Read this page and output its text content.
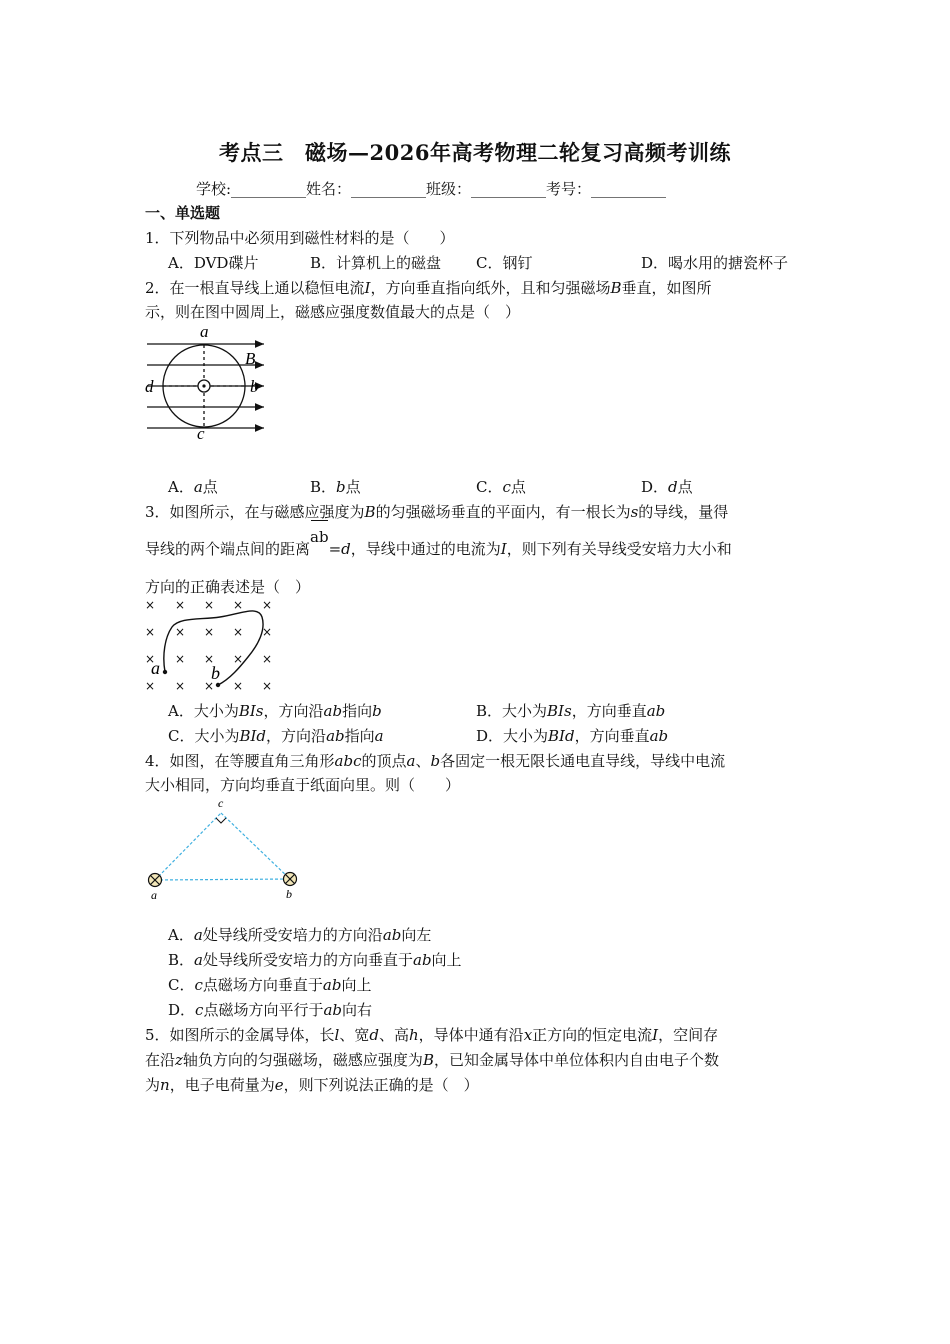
考点三　磁场—2026年高考物理二轮复习高频考训练
学校:__________姓名：__________班级：__________考号：__________
一、单选题
1．下列物品中必须用到磁性材料的是（　　）
A．DVD碟片	B．计算机上的磁盘 C．钢钉	D．喝水用的搪瓷杯子
2．在一根直导线上通以稳恒电流I，方向垂直指向纸外，且和匀强磁场B垂直，如图所
示，则在图中圆周上，磁感应强度数值最大的点是（　）
a
B
b
d
c
A．a点	B．b点	C．c点	D．d点
3．如图所示，在与磁感应强度为B的匀强磁场垂直的平面内，有一根长为s的导线，量得
导线的两个端点间的距离
ab=d，导线中通过的电流为I，则下列有关导线受安培力大小和
方向的正确表述是（　）
× × × × ×
× × × × ×
× × × × ×
× × × × ×
a	b
A．大小为BIs，方向沿ab指向b	B．大小为BIs，方向垂直ab
C．大小为BId，方向沿ab指向a	D．大小为BId，方向垂直ab
4．如图，在等腰直角三角形abc的顶点a、b各固定一根无限长通电直导线，导线中电流
大小相同，方向均垂直于纸面向里。则（　　）
c
a	b
A．a处导线所受安培力的方向沿ab向左
B．a处导线所受安培力的方向垂直于ab向上
C．c点磁场方向垂直于ab向上
D．c点磁场方向平行于ab向右
5．如图所示的金属导体，长l、宽d、高h，导体中通有沿x正方向的恒定电流I，空间存
在沿z轴负方向的匀强磁场，磁感应强度为B，已知金属导体中单位体积内自由电子个数
为n，电子电荷量为e，则下列说法正确的是（　）
